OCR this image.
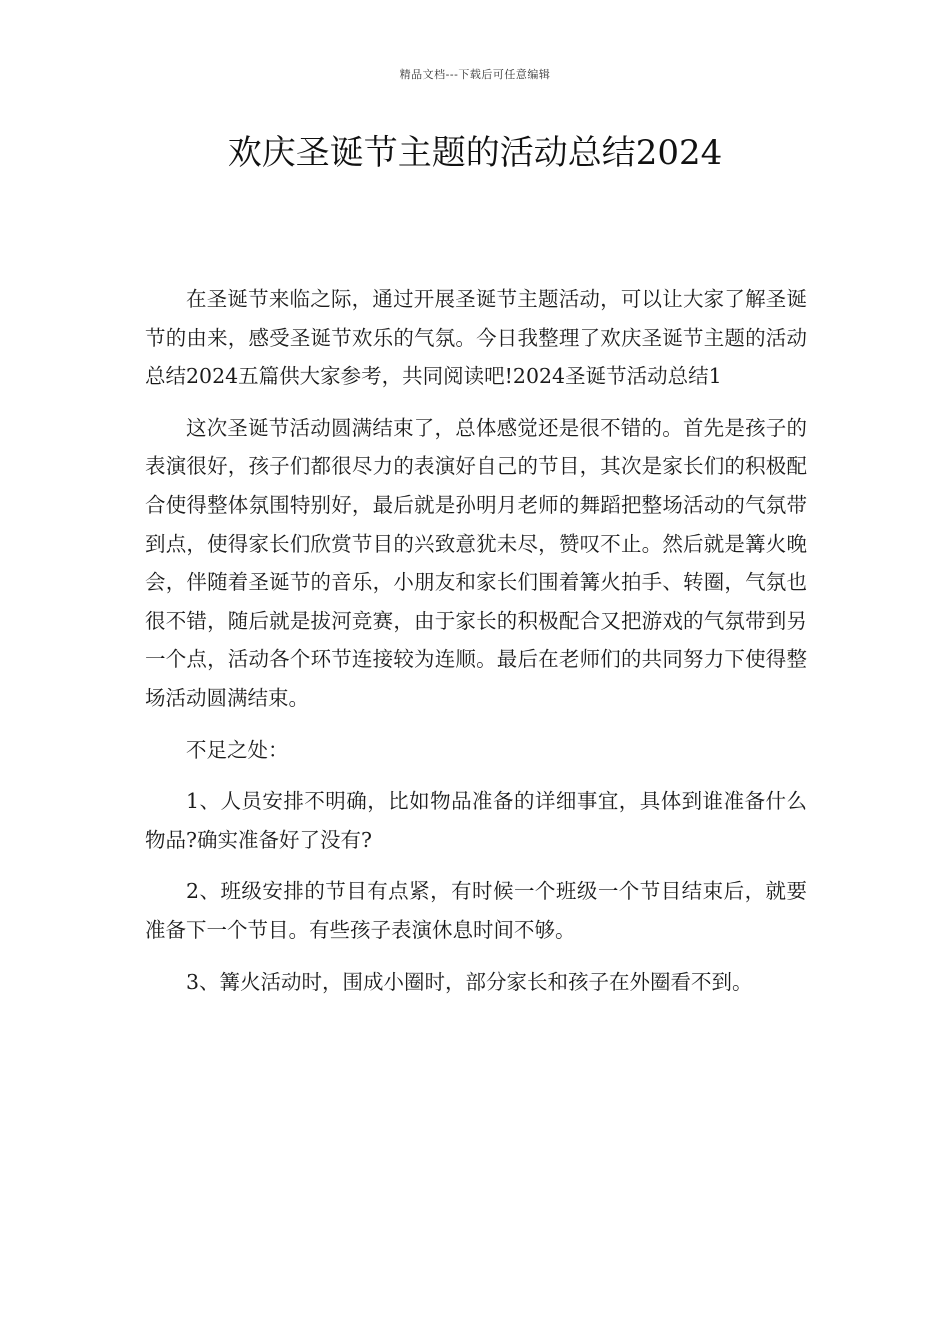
精品文档---下载后可任意编辑
欢庆圣诞节主题的活动总结2024

在圣诞节来临之际，通过开展圣诞节主题活动，可以让大家了解圣诞节的由来，感受圣诞节欢乐的气氛。今日我整理了欢庆圣诞节主题的活动总结2024五篇供大家参考，共同阅读吧!2024圣诞节活动总结1

这次圣诞节活动圆满结束了，总体感觉还是很不错的。首先是孩子的表演很好，孩子们都很尽力的表演好自己的节目，其次是家长们的积极配合使得整体氛围特别好，最后就是孙明月老师的舞蹈把整场活动的气氛带到点，使得家长们欣赏节目的兴致意犹未尽，赞叹不止。然后就是篝火晚会，伴随着圣诞节的音乐，小朋友和家长们围着篝火拍手、转圈，气氛也很不错，随后就是拔河竞赛，由于家长的积极配合又把游戏的气氛带到另一个点，活动各个环节连接较为连顺。最后在老师们的共同努力下使得整场活动圆满结束。

不足之处：

1、人员安排不明确，比如物品准备的详细事宜，具体到谁准备什么物品?确实准备好了没有?

2、班级安排的节目有点紧，有时候一个班级一个节目结束后，就要准备下一个节目。有些孩子表演休息时间不够。

3、篝火活动时，围成小圈时，部分家长和孩子在外圈看不到。
